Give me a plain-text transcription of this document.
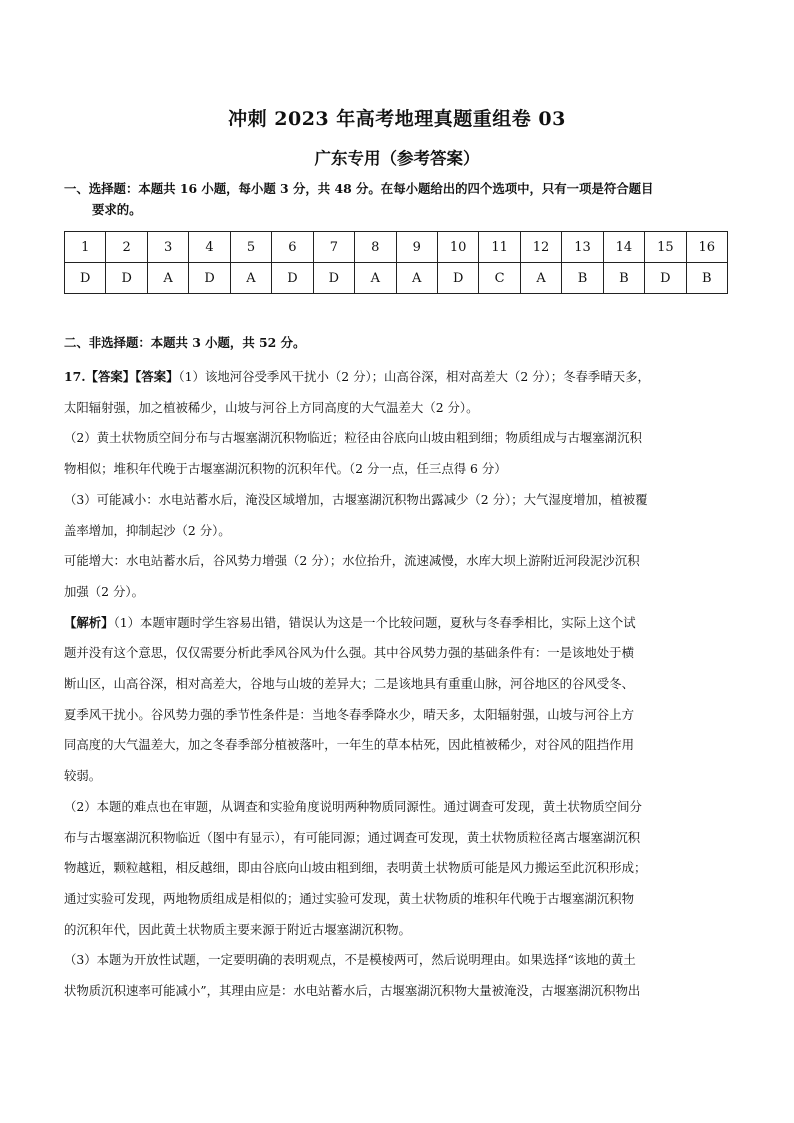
冲刺 2023 年高考地理真题重组卷 03
广东专用（参考答案）
一、选择题：本题共 16 小题，每小题 3 分，共 48 分。在每小题给出的四个选项中，只有一项是符合题目
要求的。
1	2	3	4	5	6	7	8	9	10	11	12	13	14	15	16
D	D	A	D	A	D	D	A	A	D	C	A	B	B	D	B
二、非选择题：本题共 3 小题，共 52 分。

17.【答案】【答案】（1）该地河谷受季风干扰小（2 分）；山高谷深，相对高差大（2 分）；冬春季晴天多，

太阳辐射强，加之植被稀少，山坡与河谷上方同高度的大气温差大（2 分）。

（2）黄土状物质空间分布与古堰塞湖沉积物临近；粒径由谷底向山坡由粗到细；物质组成与古堰塞湖沉积

物相似；堆积年代晚于古堰塞湖沉积物的沉积年代。（2 分一点，任三点得 6 分）

（3）可能减小：水电站蓄水后，淹没区域增加，古堰塞湖沉积物出露减少（2 分）；大气湿度增加，植被覆

盖率增加，抑制起沙（2 分）。

可能增大：水电站蓄水后，谷风势力增强（2 分）；水位抬升，流速减慢，水库大坝上游附近河段泥沙沉积

加强（2 分）。

【解析】（1）本题审题时学生容易出错，错误认为这是一个比较问题，夏秋与冬春季相比，实际上这个试

题并没有这个意思，仅仅需要分析此季风谷风为什么强。其中谷风势力强的基础条件有：一是该地处于横

断山区，山高谷深，相对高差大，谷地与山坡的差异大；二是该地具有重重山脉，河谷地区的谷风受冬、

夏季风干扰小。谷风势力强的季节性条件是：当地冬春季降水少，晴天多，太阳辐射强，山坡与河谷上方

同高度的大气温差大，加之冬春季部分植被落叶，一年生的草本枯死，因此植被稀少，对谷风的阻挡作用

较弱。

（2）本题的难点也在审题，从调查和实验角度说明两种物质同源性。通过调查可发现，黄土状物质空间分

布与古堰塞湖沉积物临近（图中有显示），有可能同源；通过调查可发现，黄土状物质粒径离古堰塞湖沉积

物越近，颗粒越粗，相反越细，即由谷底向山坡由粗到细，表明黄土状物质可能是风力搬运至此沉积形成；

通过实验可发现，两地物质组成是相似的；通过实验可发现，黄土状物质的堆积年代晚于古堰塞湖沉积物

的沉积年代，因此黄土状物质主要来源于附近古堰塞湖沉积物。

（3）本题为开放性试题，一定要明确的表明观点，不是模棱两可，然后说明理由。如果选择“该地的黄土

状物质沉积速率可能减小”，其理由应是：水电站蓄水后，古堰塞湖沉积物大量被淹没，古堰塞湖沉积物出
